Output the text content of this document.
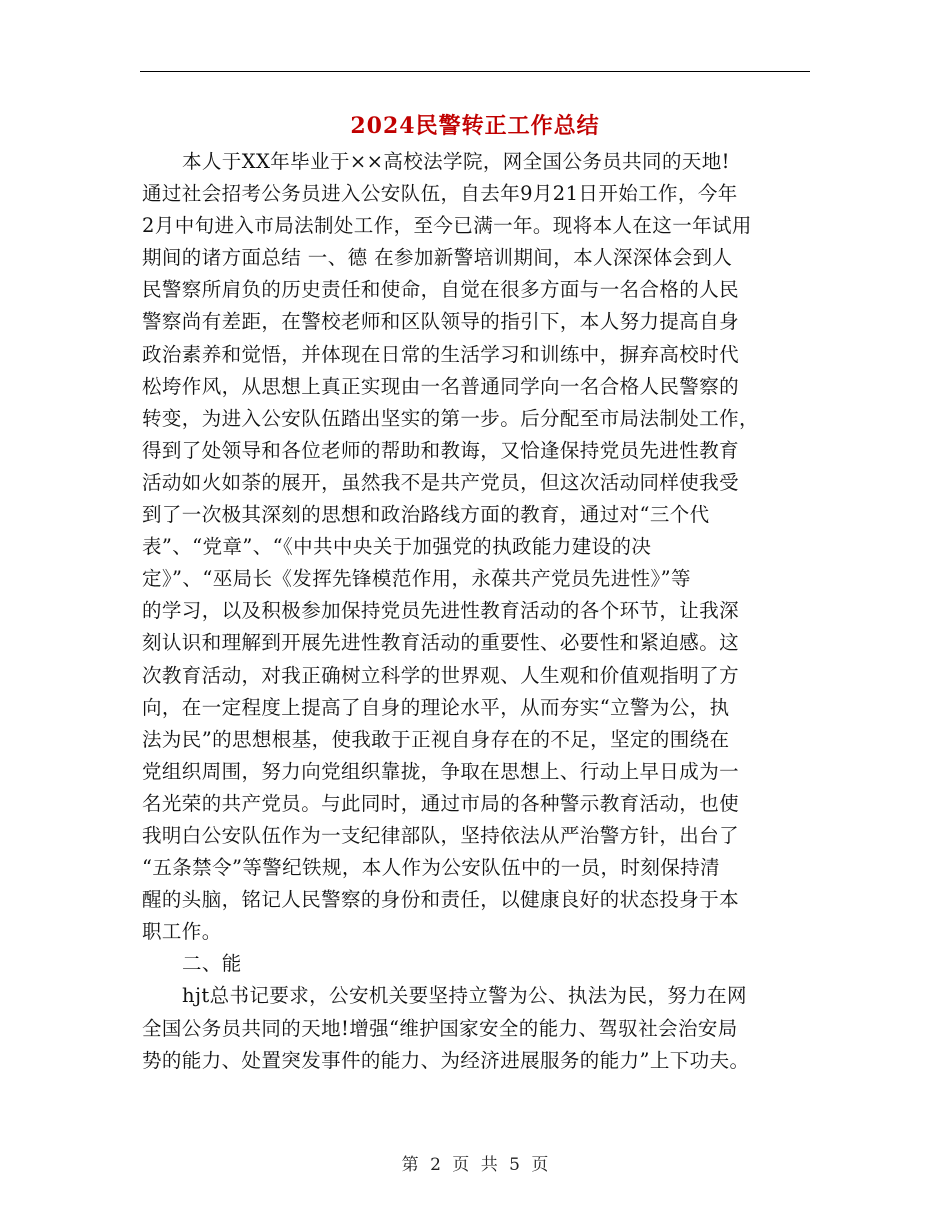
2024民警转正工作总结
本人于XX年毕业于××高校法学院，网全国公务员共同的天地!
通过社会招考公务员进入公安队伍，自去年9月21日开始工作，今年
2月中旬进入市局法制处工作，至今已满一年。现将本人在这一年试用
期间的诸方面总结 一、德 在参加新警培训期间，本人深深体会到人
民警察所肩负的历史责任和使命，自觉在很多方面与一名合格的人民
警察尚有差距，在警校老师和区队领导的指引下，本人努力提高自身
政治素养和觉悟，并体现在日常的生活学习和训练中，摒弃高校时代
松垮作风，从思想上真正实现由一名普通同学向一名合格人民警察的
转变，为进入公安队伍踏出坚实的第一步。后分配至市局法制处工作，
得到了处领导和各位老师的帮助和教诲，又恰逢保持党员先进性教育
活动如火如荼的展开，虽然我不是共产党员，但这次活动同样使我受
到了一次极其深刻的思想和政治路线方面的教育，通过对“三个代
表”、“党章”、“《中共中央关于加强党的执政能力建设的决
定》”、“巫局长《发挥先锋模范作用，永葆共产党员先进性》”等
的学习，以及积极参加保持党员先进性教育活动的各个环节，让我深
刻认识和理解到开展先进性教育活动的重要性、必要性和紧迫感。这
次教育活动，对我正确树立科学的世界观、人生观和价值观指明了方
向，在一定程度上提高了自身的理论水平，从而夯实“立警为公，执
法为民”的思想根基，使我敢于正视自身存在的不足，坚定的围绕在
党组织周围，努力向党组织靠拢，争取在思想上、行动上早日成为一
名光荣的共产党员。与此同时，通过市局的各种警示教育活动，也使
我明白公安队伍作为一支纪律部队，坚持依法从严治警方针，出台了
“五条禁令”等警纪铁规，本人作为公安队伍中的一员，时刻保持清
醒的头脑，铭记人民警察的身份和责任，以健康良好的状态投身于本
职工作。
二、能
hjt总书记要求，公安机关要坚持立警为公、执法为民，努力在网
全国公务员共同的天地!增强“维护国家安全的能力、驾驭社会治安局
势的能力、处置突发事件的能力、为经济进展服务的能力”上下功夫。
第 2 页 共 5 页
